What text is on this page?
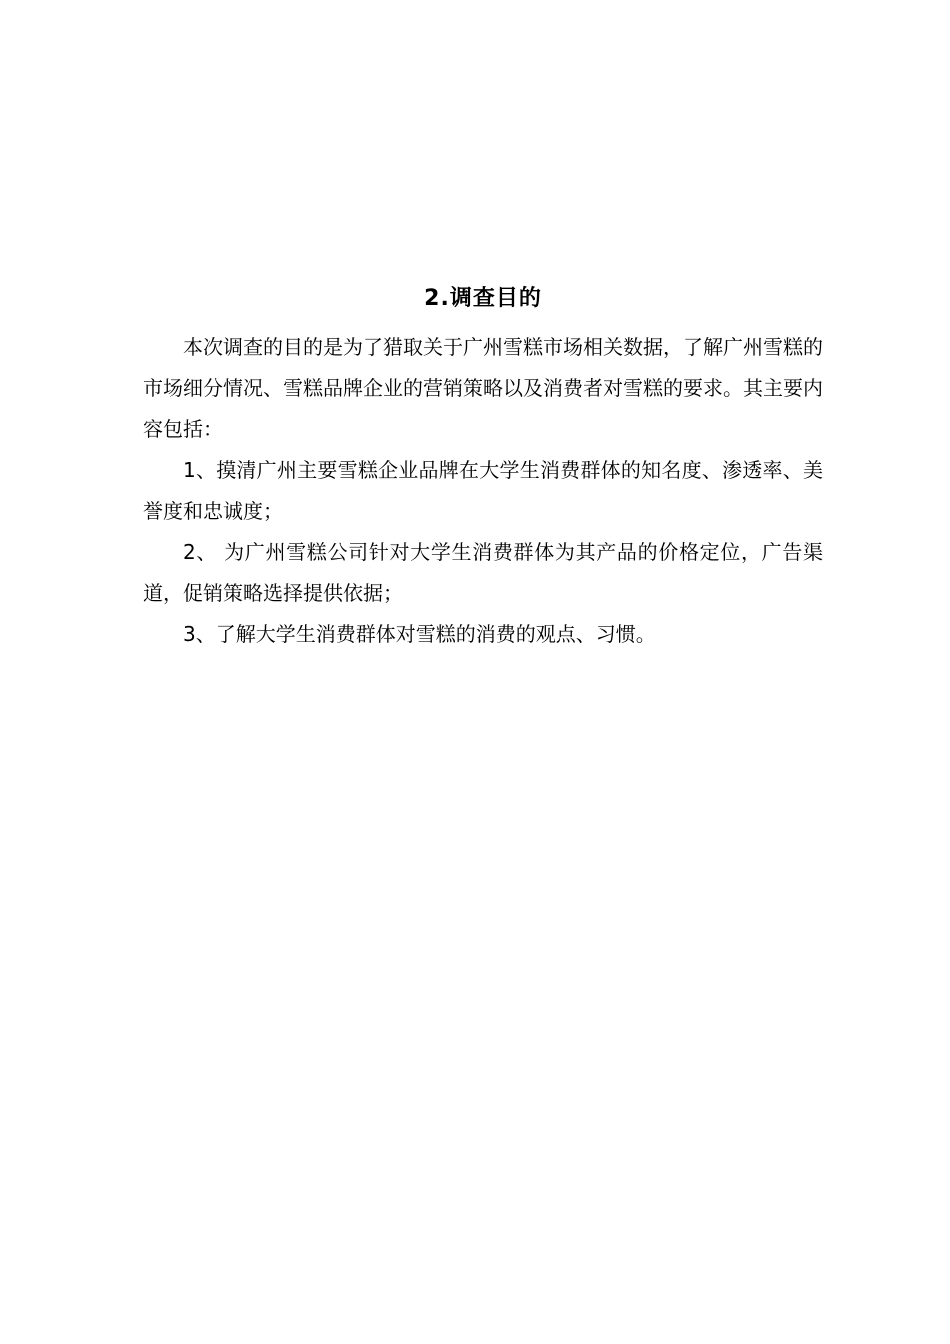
2.调查目的

本次调查的目的是为了猎取关于广州雪糕市场相关数据，了解广州雪糕的市场细分情况、雪糕品牌企业的营销策略以及消费者对雪糕的要求。其主要内容包括：

1、摸清广州主要雪糕企业品牌在大学生消费群体的知名度、渗透率、美誉度和忠诚度；

2、 为广州雪糕公司针对大学生消费群体为其产品的价格定位，广告渠道，促销策略选择提供依据；

3、了解大学生消费群体对雪糕的消费的观点、习惯。
